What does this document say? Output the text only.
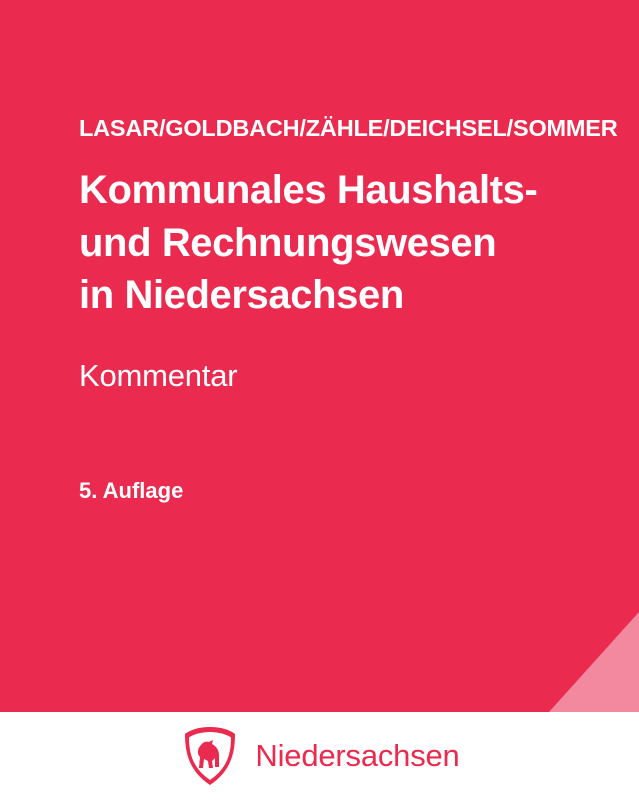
LASAR/GOLDBACH/ZÄHLE/DEICHSEL/SOMMER
Kommunales Haushalts-
und Rechnungswesen
in Niedersachsen
Kommentar
5. Auflage
Niedersachsen
